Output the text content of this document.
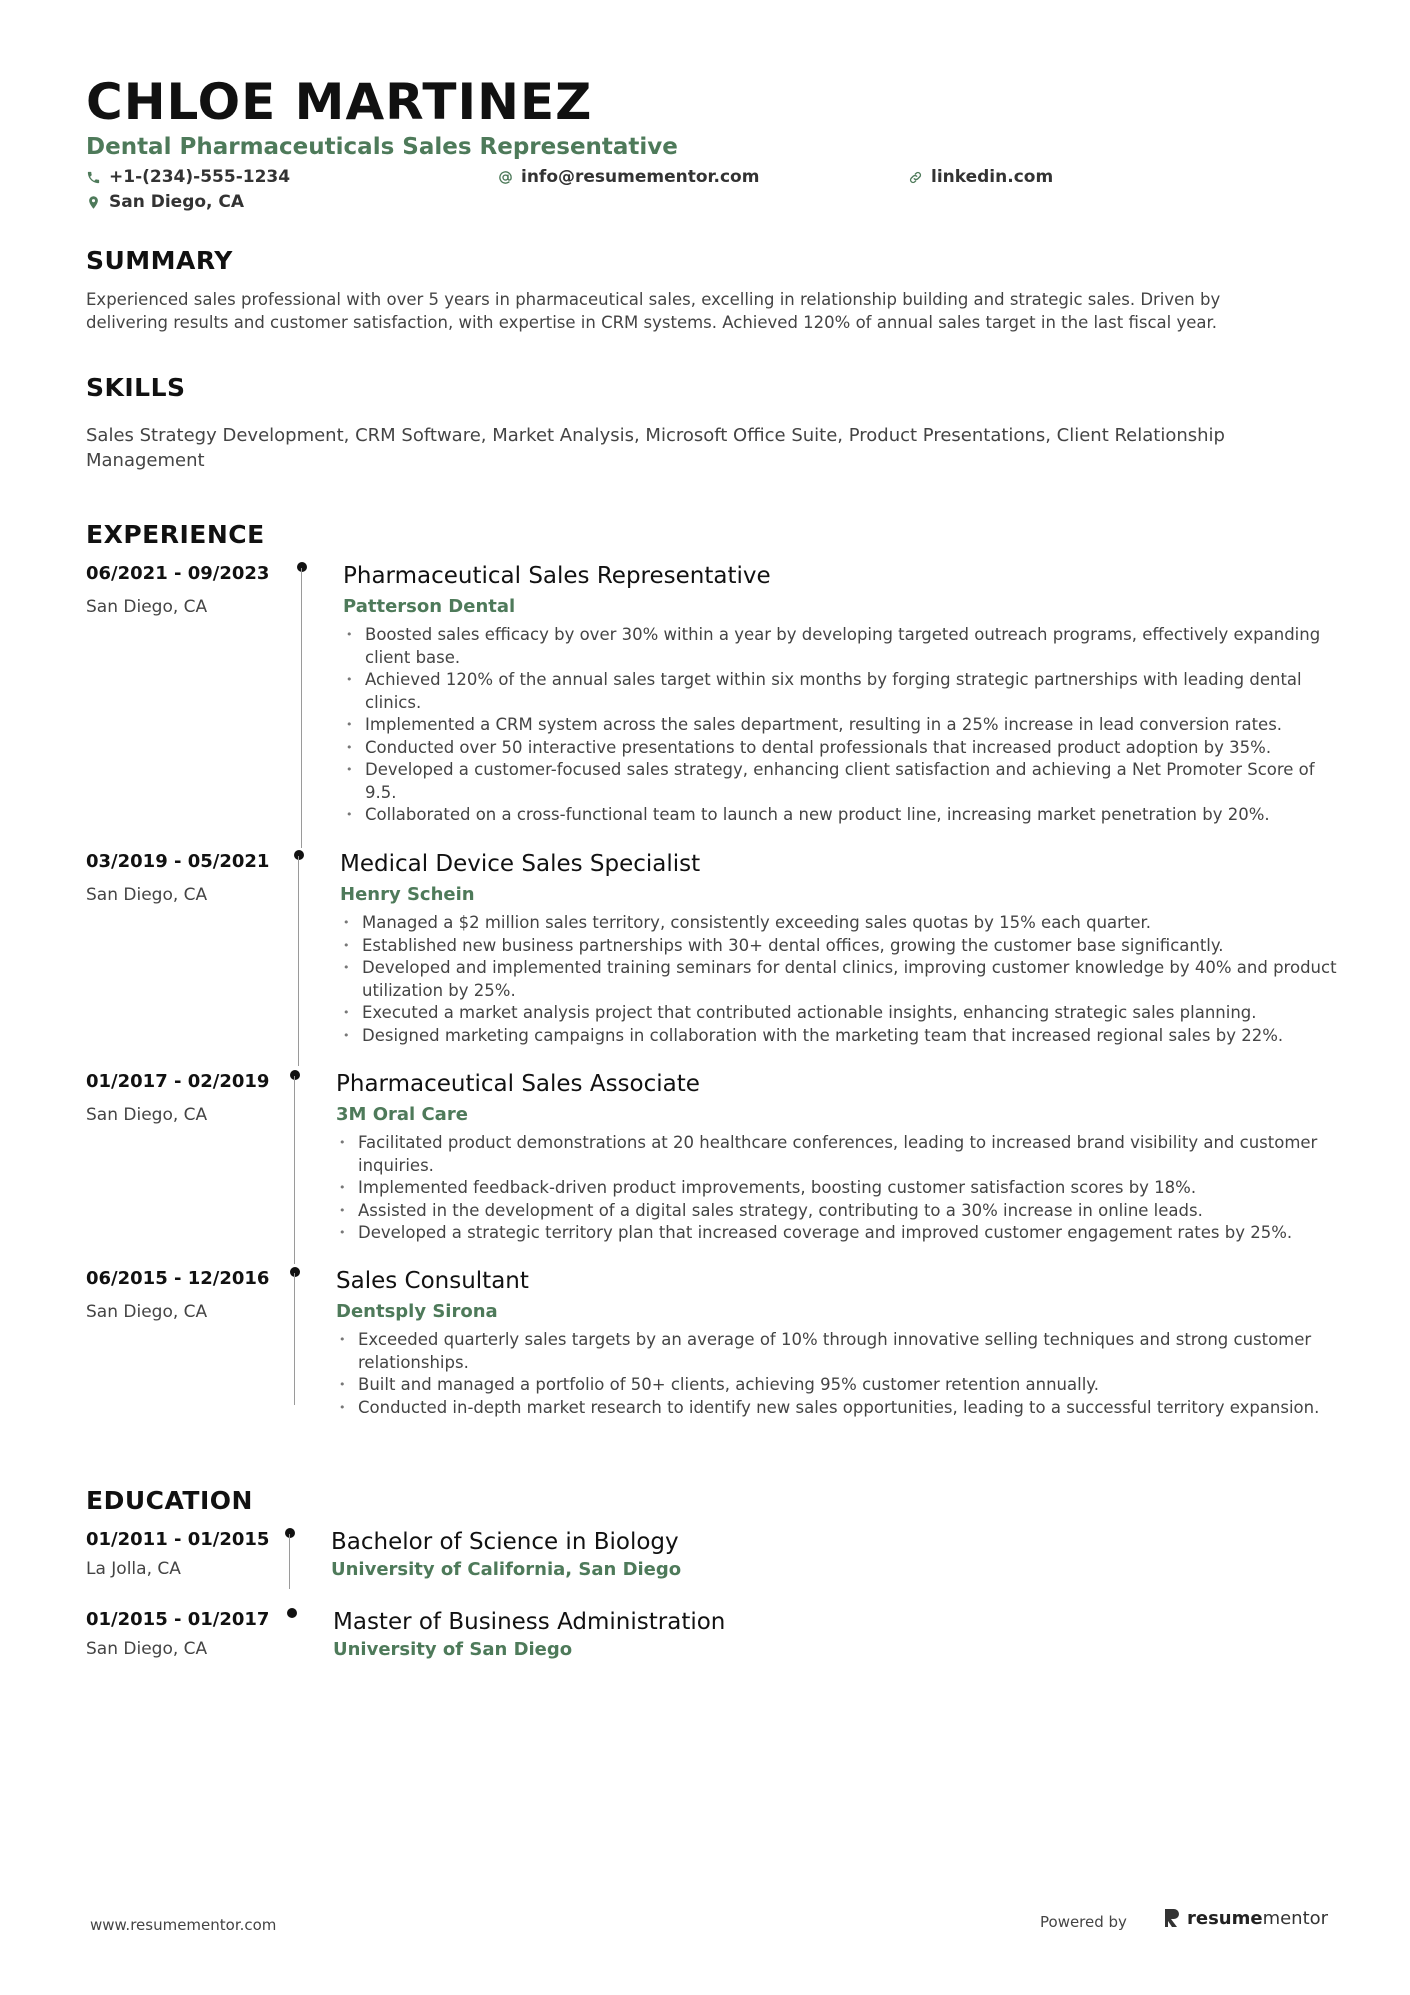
CHLOE MARTINEZ
Dental Pharmaceuticals Sales Representative
+1-(234)-555-1234	info@resumementor.com	linkedin.com
San Diego, CA
SUMMARY
Experienced sales professional with over 5 years in pharmaceutical sales, excelling in relationship building and strategic sales. Driven by delivering results and customer satisfaction, with expertise in CRM systems. Achieved 120% of annual sales target in the last fiscal year.
SKILLS
Sales Strategy Development, CRM Software, Market Analysis, Microsoft Office Suite, Product Presentations, Client Relationship Management
EXPERIENCE
06/2021 - 09/2023
San Diego, CA
Pharmaceutical Sales Representative
Patterson Dental
• Boosted sales efficacy by over 30% within a year by developing targeted outreach programs, effectively expanding client base.
• Achieved 120% of the annual sales target within six months by forging strategic partnerships with leading dental clinics.
• Implemented a CRM system across the sales department, resulting in a 25% increase in lead conversion rates.
• Conducted over 50 interactive presentations to dental professionals that increased product adoption by 35%.
• Developed a customer-focused sales strategy, enhancing client satisfaction and achieving a Net Promoter Score of 9.5.
• Collaborated on a cross-functional team to launch a new product line, increasing market penetration by 20%.
03/2019 - 05/2021
San Diego, CA
Medical Device Sales Specialist
Henry Schein
• Managed a $2 million sales territory, consistently exceeding sales quotas by 15% each quarter.
• Established new business partnerships with 30+ dental offices, growing the customer base significantly.
• Developed and implemented training seminars for dental clinics, improving customer knowledge by 40% and product utilization by 25%.
• Executed a market analysis project that contributed actionable insights, enhancing strategic sales planning.
• Designed marketing campaigns in collaboration with the marketing team that increased regional sales by 22%.
01/2017 - 02/2019
San Diego, CA
Pharmaceutical Sales Associate
3M Oral Care
• Facilitated product demonstrations at 20 healthcare conferences, leading to increased brand visibility and customer inquiries.
• Implemented feedback-driven product improvements, boosting customer satisfaction scores by 18%.
• Assisted in the development of a digital sales strategy, contributing to a 30% increase in online leads.
• Developed a strategic territory plan that increased coverage and improved customer engagement rates by 25%.
06/2015 - 12/2016
San Diego, CA
Sales Consultant
Dentsply Sirona
• Exceeded quarterly sales targets by an average of 10% through innovative selling techniques and strong customer relationships.
• Built and managed a portfolio of 50+ clients, achieving 95% customer retention annually.
• Conducted in-depth market research to identify new sales opportunities, leading to a successful territory expansion.
EDUCATION
01/2011 - 01/2015
La Jolla, CA
Bachelor of Science in Biology
University of California, San Diego
01/2015 - 01/2017
San Diego, CA
Master of Business Administration
University of San Diego
www.resumementor.com	Powered by	resumementor
